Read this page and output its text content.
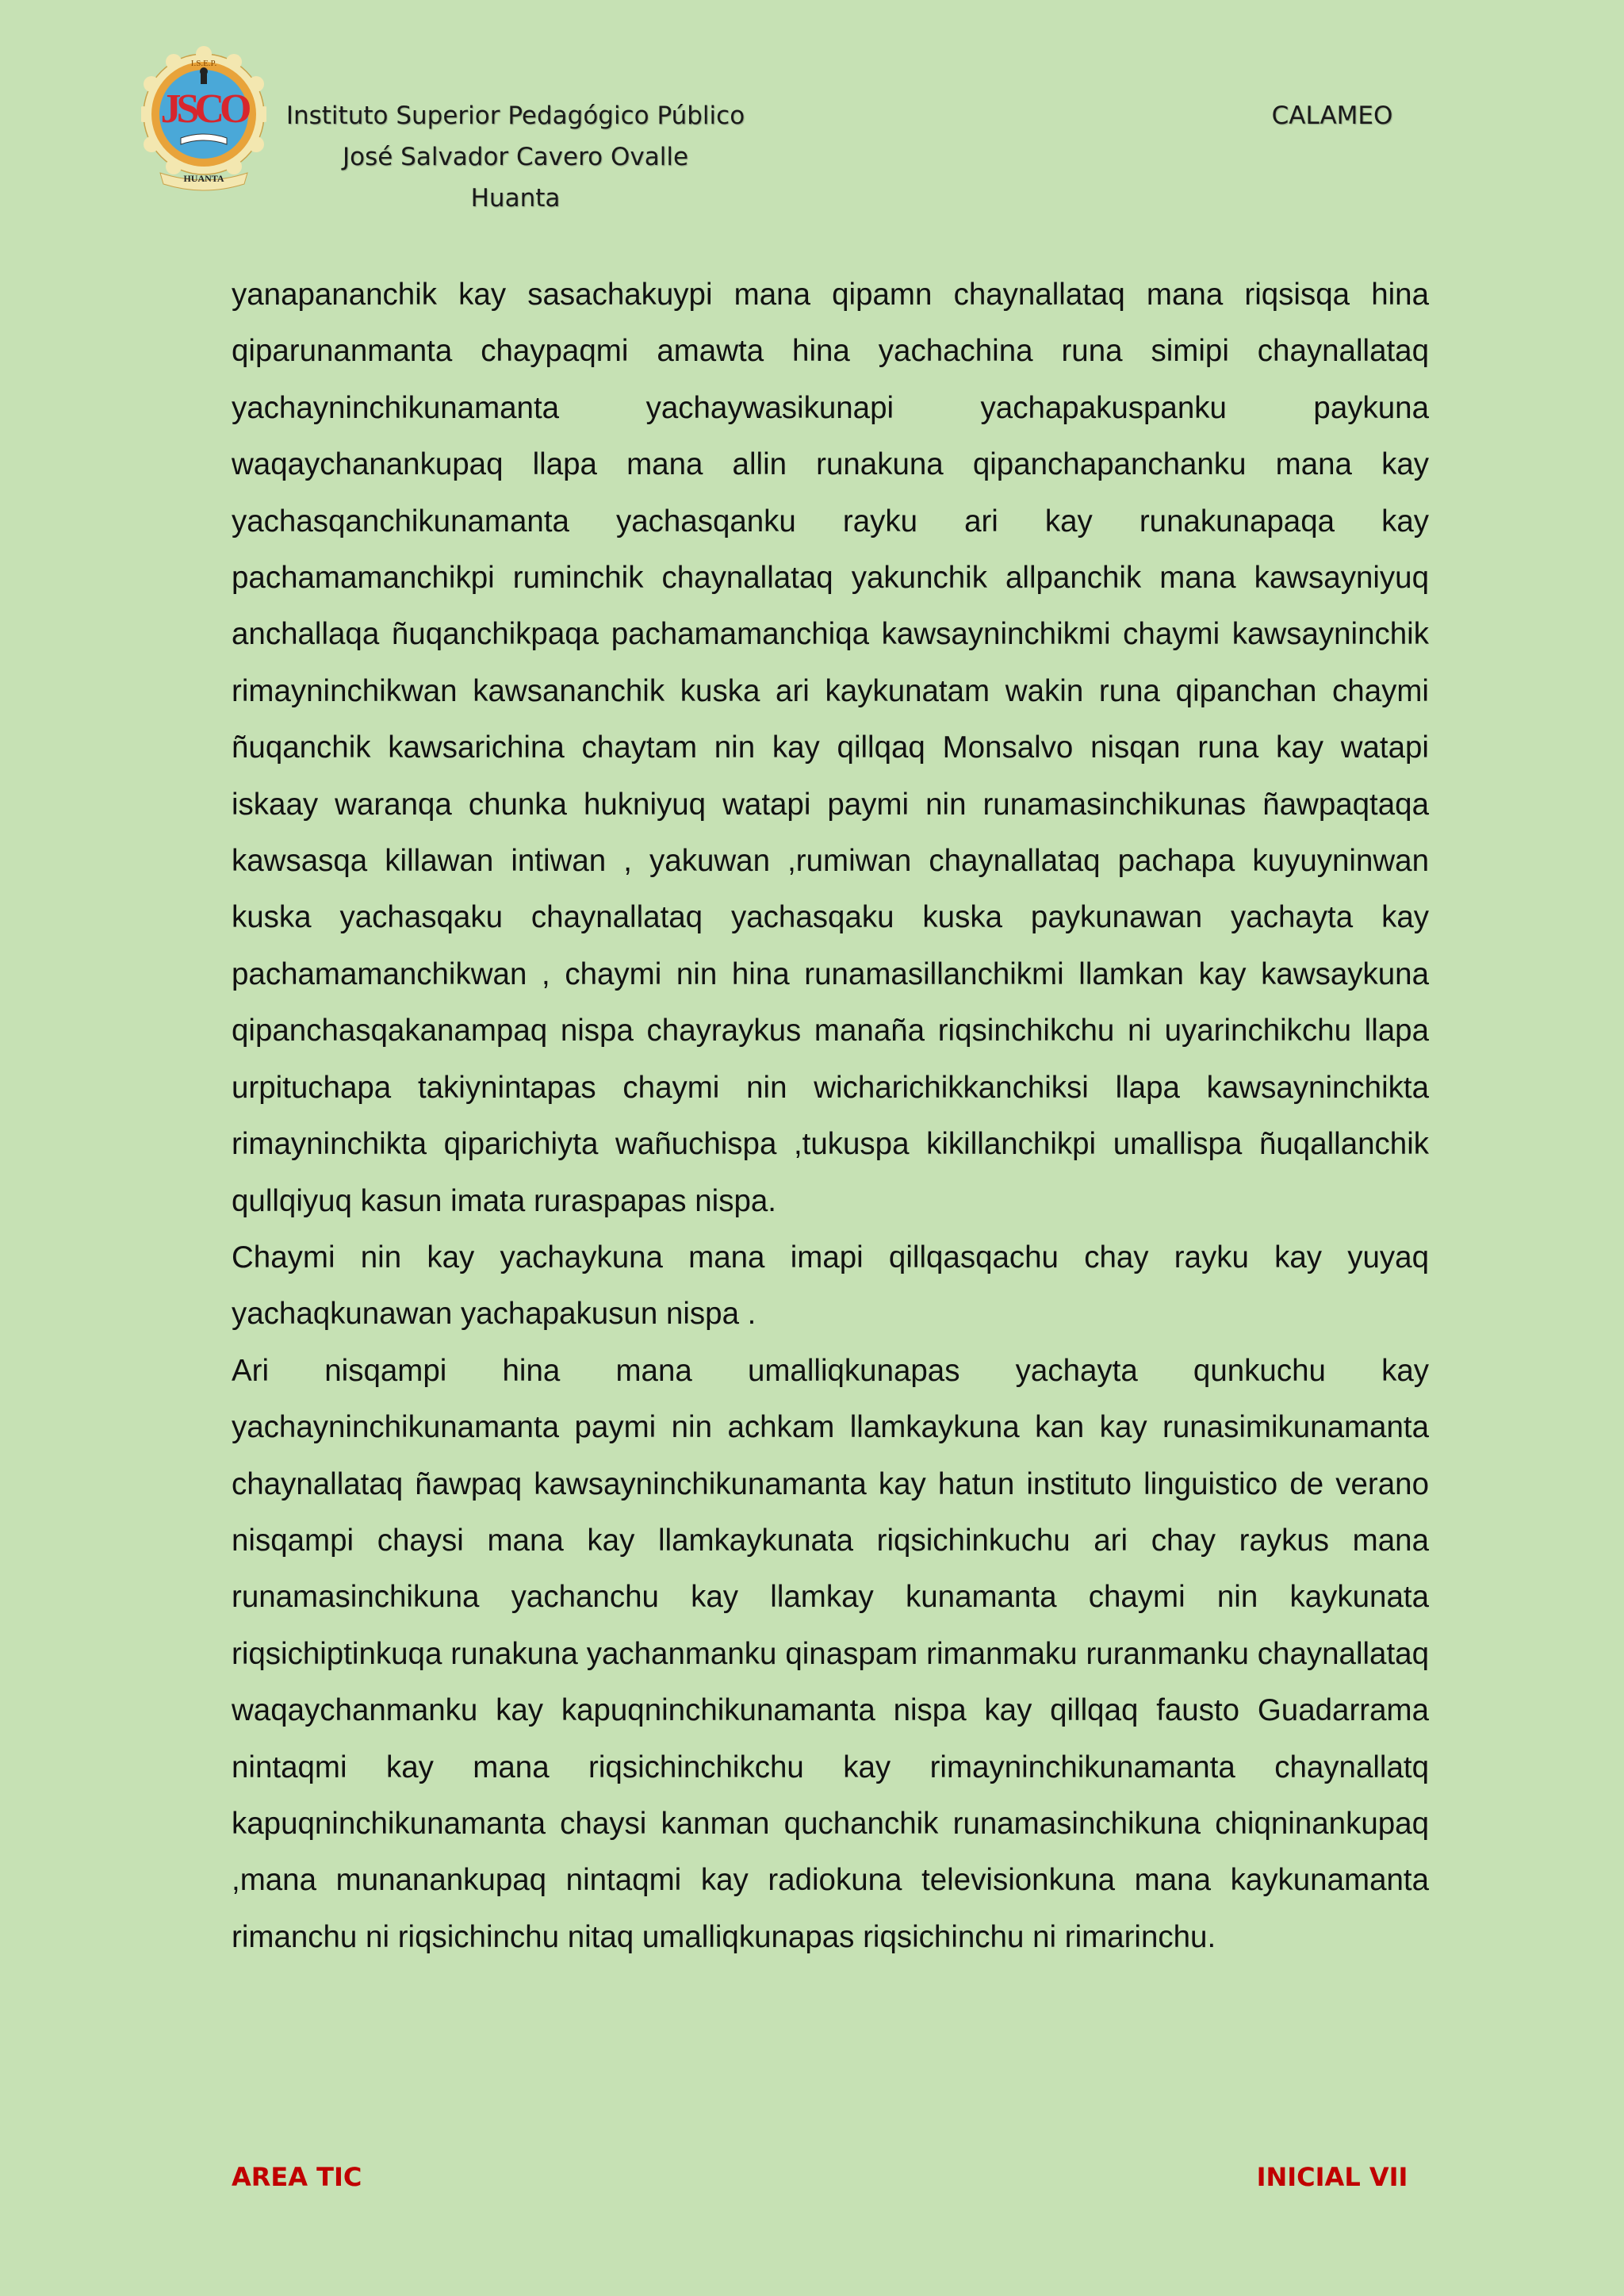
I.S.E.P.
JSCO
HUANTA
Instituto Superior Pedagógico Público
José Salvador Cavero Ovalle
Huanta
CALAMEO

yanapananchik kay sasachakuypi mana qipamn chaynallataq mana riqsisqa hina qiparunanmanta chaypaqmi amawta hina yachachina runa simipi chaynallataq yachayninchikunamanta yachaywasikunapi yachapakuspanku paykuna waqaychanankupaq llapa mana allin runakuna qipanchapanchanku mana kay yachasqanchikunamanta yachasqanku rayku ari kay runakunapaqa kay pachamamanchikpi ruminchik chaynallataq yakunchik allpanchik mana kawsayniyuq anchallaqa ñuqanchikpaqa pachamamanchiqa kawsayninchikmi chaymi kawsayninchik rimayninchikwan kawsananchik kuska ari kaykunatam wakin runa qipanchan chaymi ñuqanchik kawsarichina chaytam nin kay qillqaq Monsalvo nisqan runa kay watapi iskaay waranqa chunka hukniyuq watapi paymi nin runamasinchikunas ñawpaqtaqa kawsasqa killawan intiwan , yakuwan ,rumiwan chaynallataq pachapa kuyuyninwan kuska yachasqaku chaynallataq yachasqaku kuska paykunawan yachayta kay pachamamanchikwan , chaymi nin hina runamasillanchikmi llamkan kay kawsaykuna qipanchasqakanampaq nispa chayraykus manaña riqsinchikchu ni uyarinchikchu llapa urpituchapa takiynintapas chaymi nin wicharichikkanchiksi llapa kawsayninchikta rimayninchikta qiparichiyta wañuchispa ,tukuspa kikillanchikpi umallispa ñuqallanchik qullqiyuq kasun imata ruraspapas nispa.

Chaymi nin kay yachaykuna mana imapi qillqasqachu chay rayku kay yuyaq yachaqkunawan yachapakusun nispa .

Ari nisqampi hina mana umalliqkunapas yachayta qunkuchu kay yachayninchikunamanta paymi nin achkam llamkaykuna kan kay runasimikunamanta chaynallataq ñawpaq kawsayninchikunamanta kay hatun instituto linguistico de verano nisqampi chaysi mana kay llamkaykunata riqsichinkuchu ari chay raykus mana runamasinchikuna yachanchu kay llamkay kunamanta chaymi nin kaykunata riqsichiptinkuqa runakuna yachanmanku qinaspam rimanmaku ruranmanku chaynallataq waqaychanmanku kay kapuqninchikunamanta nispa kay qillqaq fausto Guadarrama nintaqmi kay mana riqsichinchikchu kay rimayninchikunamanta chaynallatq kapuqninchikunamanta chaysi kanman quchanchik runamasinchikuna chiqninankupaq ,mana munanankupaq nintaqmi kay radiokuna televisionkuna mana kaykunamanta rimanchu ni riqsichinchu nitaq umalliqkunapas riqsichinchu ni rimarinchu.

AREA TIC	INICIAL VII
